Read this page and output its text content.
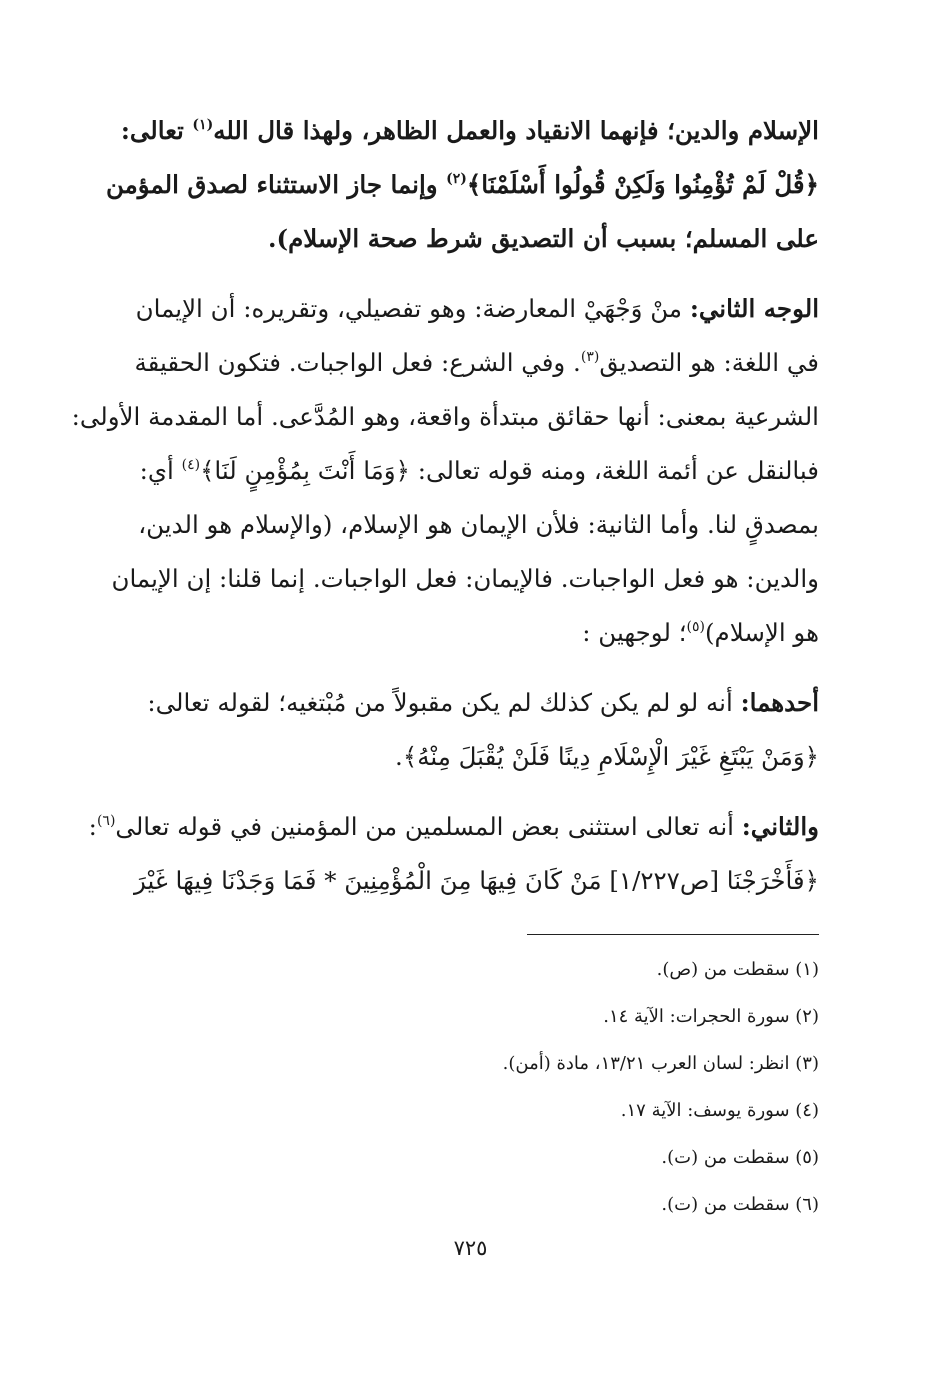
الإسلام والدين؛ فإنهما الانقياد والعمل الظاهر، ولهذا قال الله$^{(١)}$ تعالى:
﴿قُلْ لَمْ تُؤْمِنُوا وَلَكِنْ قُولُوا أَسْلَمْنَا﴾$^{(٢)}$ وإنما جاز الاستثناء لصدق المؤمن
على المسلم؛ بسبب أن التصديق شرط صحة الإسلام).
الوجه الثاني: منْ وَجْهَيْ المعارضة: وهو تفصيلي، وتقريره: أن الإيمان
في اللغة: هو التصديق$^{(٣)}$. وفي الشرع: فعل الواجبات. فتكون الحقيقة
الشرعية بمعنى: أنها حقائق مبتدأة واقعة، وهو المُدَّعى. أما المقدمة الأولى:
فبالنقل عن أئمة اللغة، ومنه قوله تعالى: ﴿وَمَا أَنْتَ بِمُؤْمِنٍ لَنَا﴾$^{(٤)}$ أي:
بمصدقٍ لنا. وأما الثانية: فلأن الإيمان هو الإسلام، (والإسلام هو الدين،
والدين: هو فعل الواجبات. فالإيمان: فعل الواجبات. إنما قلنا: إن الإيمان
هو الإسلام)$^{(٥)}$؛ لوجهين :
أحدهما: أنه لو لم يكن كذلك لم يكن مقبولاً من مُبْتغيه؛ لقوله تعالى:
﴿وَمَنْ يَبْتَغِ غَيْرَ الْإِسْلَامِ دِينًا فَلَنْ يُقْبَلَ مِنْهُ﴾.
والثاني: أنه تعالى استثنى بعض المسلمين من المؤمنين في قوله تعالى$^{(٦)}$:
﴿فَأَخْرَجْنَا [ص١/٢٢٧] مَنْ كَانَ فِيهَا مِنَ الْمُؤْمِنِينَ * فَمَا وَجَدْنَا فِيهَا غَيْرَ
(١) سقطت من (ص).
(٢) سورة الحجرات: الآية ١٤.
(٣) انظر: لسان العرب ١٣/٢١، مادة (أمن).
(٤) سورة يوسف: الآية ١٧.
(٥) سقطت من (ت).
(٦) سقطت من (ت).
٧٢٥
